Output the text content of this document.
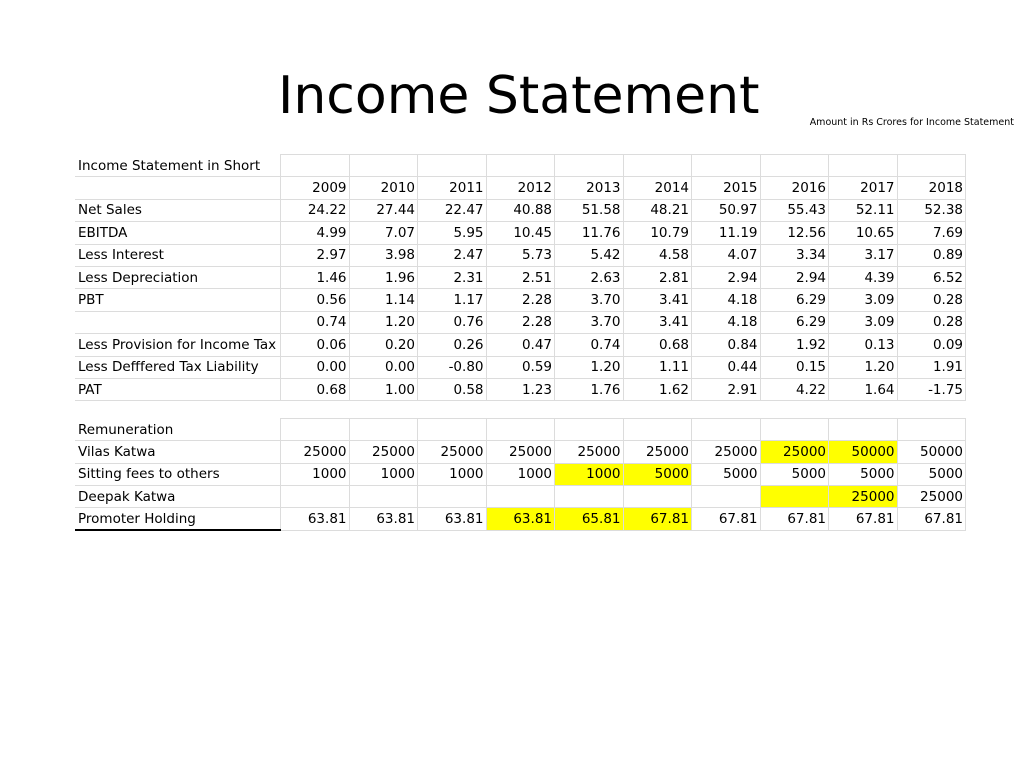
Income Statement	Amount in Rs Crores for Income Statement
Income Statement in Short										
	2009	2010	2011	2012	2013	2014	2015	2016	2017	2018
Net Sales	24.22	27.44	22.47	40.88	51.58	48.21	50.97	55.43	52.11	52.38
EBITDA	4.99	7.07	5.95	10.45	11.76	10.79	11.19	12.56	10.65	7.69
Less Interest	2.97	3.98	2.47	5.73	5.42	4.58	4.07	3.34	3.17	0.89
Less Depreciation	1.46	1.96	2.31	2.51	2.63	2.81	2.94	2.94	4.39	6.52
PBT	0.56	1.14	1.17	2.28	3.70	3.41	4.18	6.29	3.09	0.28
	0.74	1.20	0.76	2.28	3.70	3.41	4.18	6.29	3.09	0.28
Less Provision for Income Tax	0.06	0.20	0.26	0.47	0.74	0.68	0.84	1.92	0.13	0.09
Less Defffered Tax Liability	0.00	0.00	-0.80	0.59	1.20	1.11	0.44	0.15	1.20	1.91
PAT	0.68	1.00	0.58	1.23	1.76	1.62	2.91	4.22	1.64	-1.75
Remuneration										
Vilas Katwa	25000	25000	25000	25000	25000	25000	25000	25000	50000	50000
Sitting fees to others	1000	1000	1000	1000	1000	5000	5000	5000	5000	5000
Deepak Katwa									25000	25000
Promoter Holding	63.81	63.81	63.81	63.81	65.81	67.81	67.81	67.81	67.81	67.81
